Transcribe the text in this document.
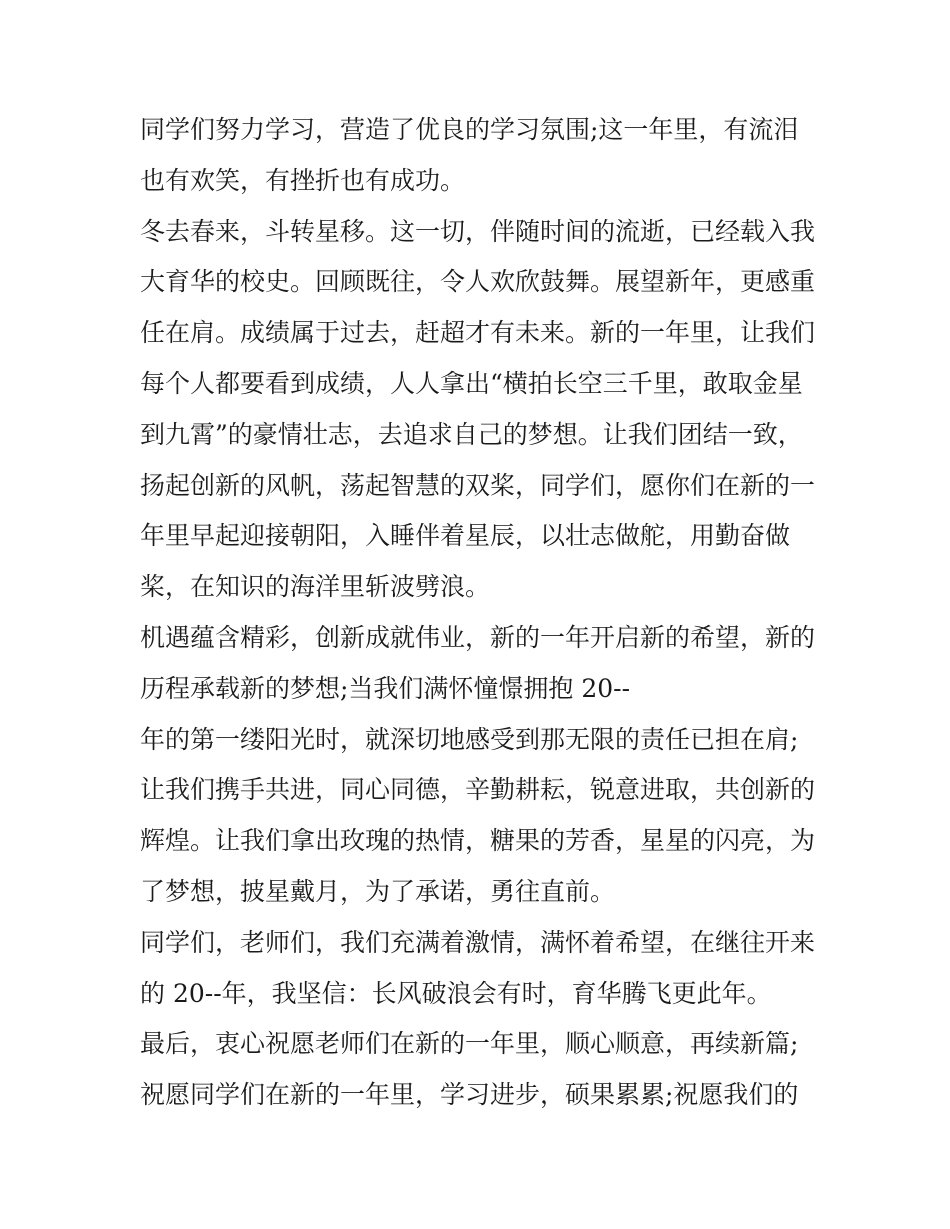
同学们努力学习，营造了优良的学习氛围;这一年里，有流泪
也有欢笑，有挫折也有成功。
冬去春来，斗转星移。这一切，伴随时间的流逝，已经载入我
大育华的校史。回顾既往，令人欢欣鼓舞。展望新年，更感重
任在肩。成绩属于过去，赶超才有未来。新的一年里，让我们
每个人都要看到成绩，人人拿出“横拍长空三千里，敢取金星
到九霄”的豪情壮志，去追求自己的梦想。让我们团结一致，
扬起创新的风帆，荡起智慧的双桨，同学们，愿你们在新的一
年里早起迎接朝阳，入睡伴着星辰，以壮志做舵，用勤奋做
桨，在知识的海洋里斩波劈浪。
机遇蕴含精彩，创新成就伟业，新的一年开启新的希望，新的
历程承载新的梦想;当我们满怀憧憬拥抱 20--
年的第一缕阳光时，就深切地感受到那无限的责任已担在肩;
让我们携手共进，同心同德，辛勤耕耘，锐意进取，共创新的
辉煌。让我们拿出玫瑰的热情，糖果的芳香，星星的闪亮，为
了梦想，披星戴月，为了承诺，勇往直前。
同学们，老师们，我们充满着激情，满怀着希望，在继往开来
的 20--年，我坚信：长风破浪会有时，育华腾飞更此年。
最后，衷心祝愿老师们在新的一年里，顺心顺意，再续新篇;
祝愿同学们在新的一年里，学习进步，硕果累累;祝愿我们的
